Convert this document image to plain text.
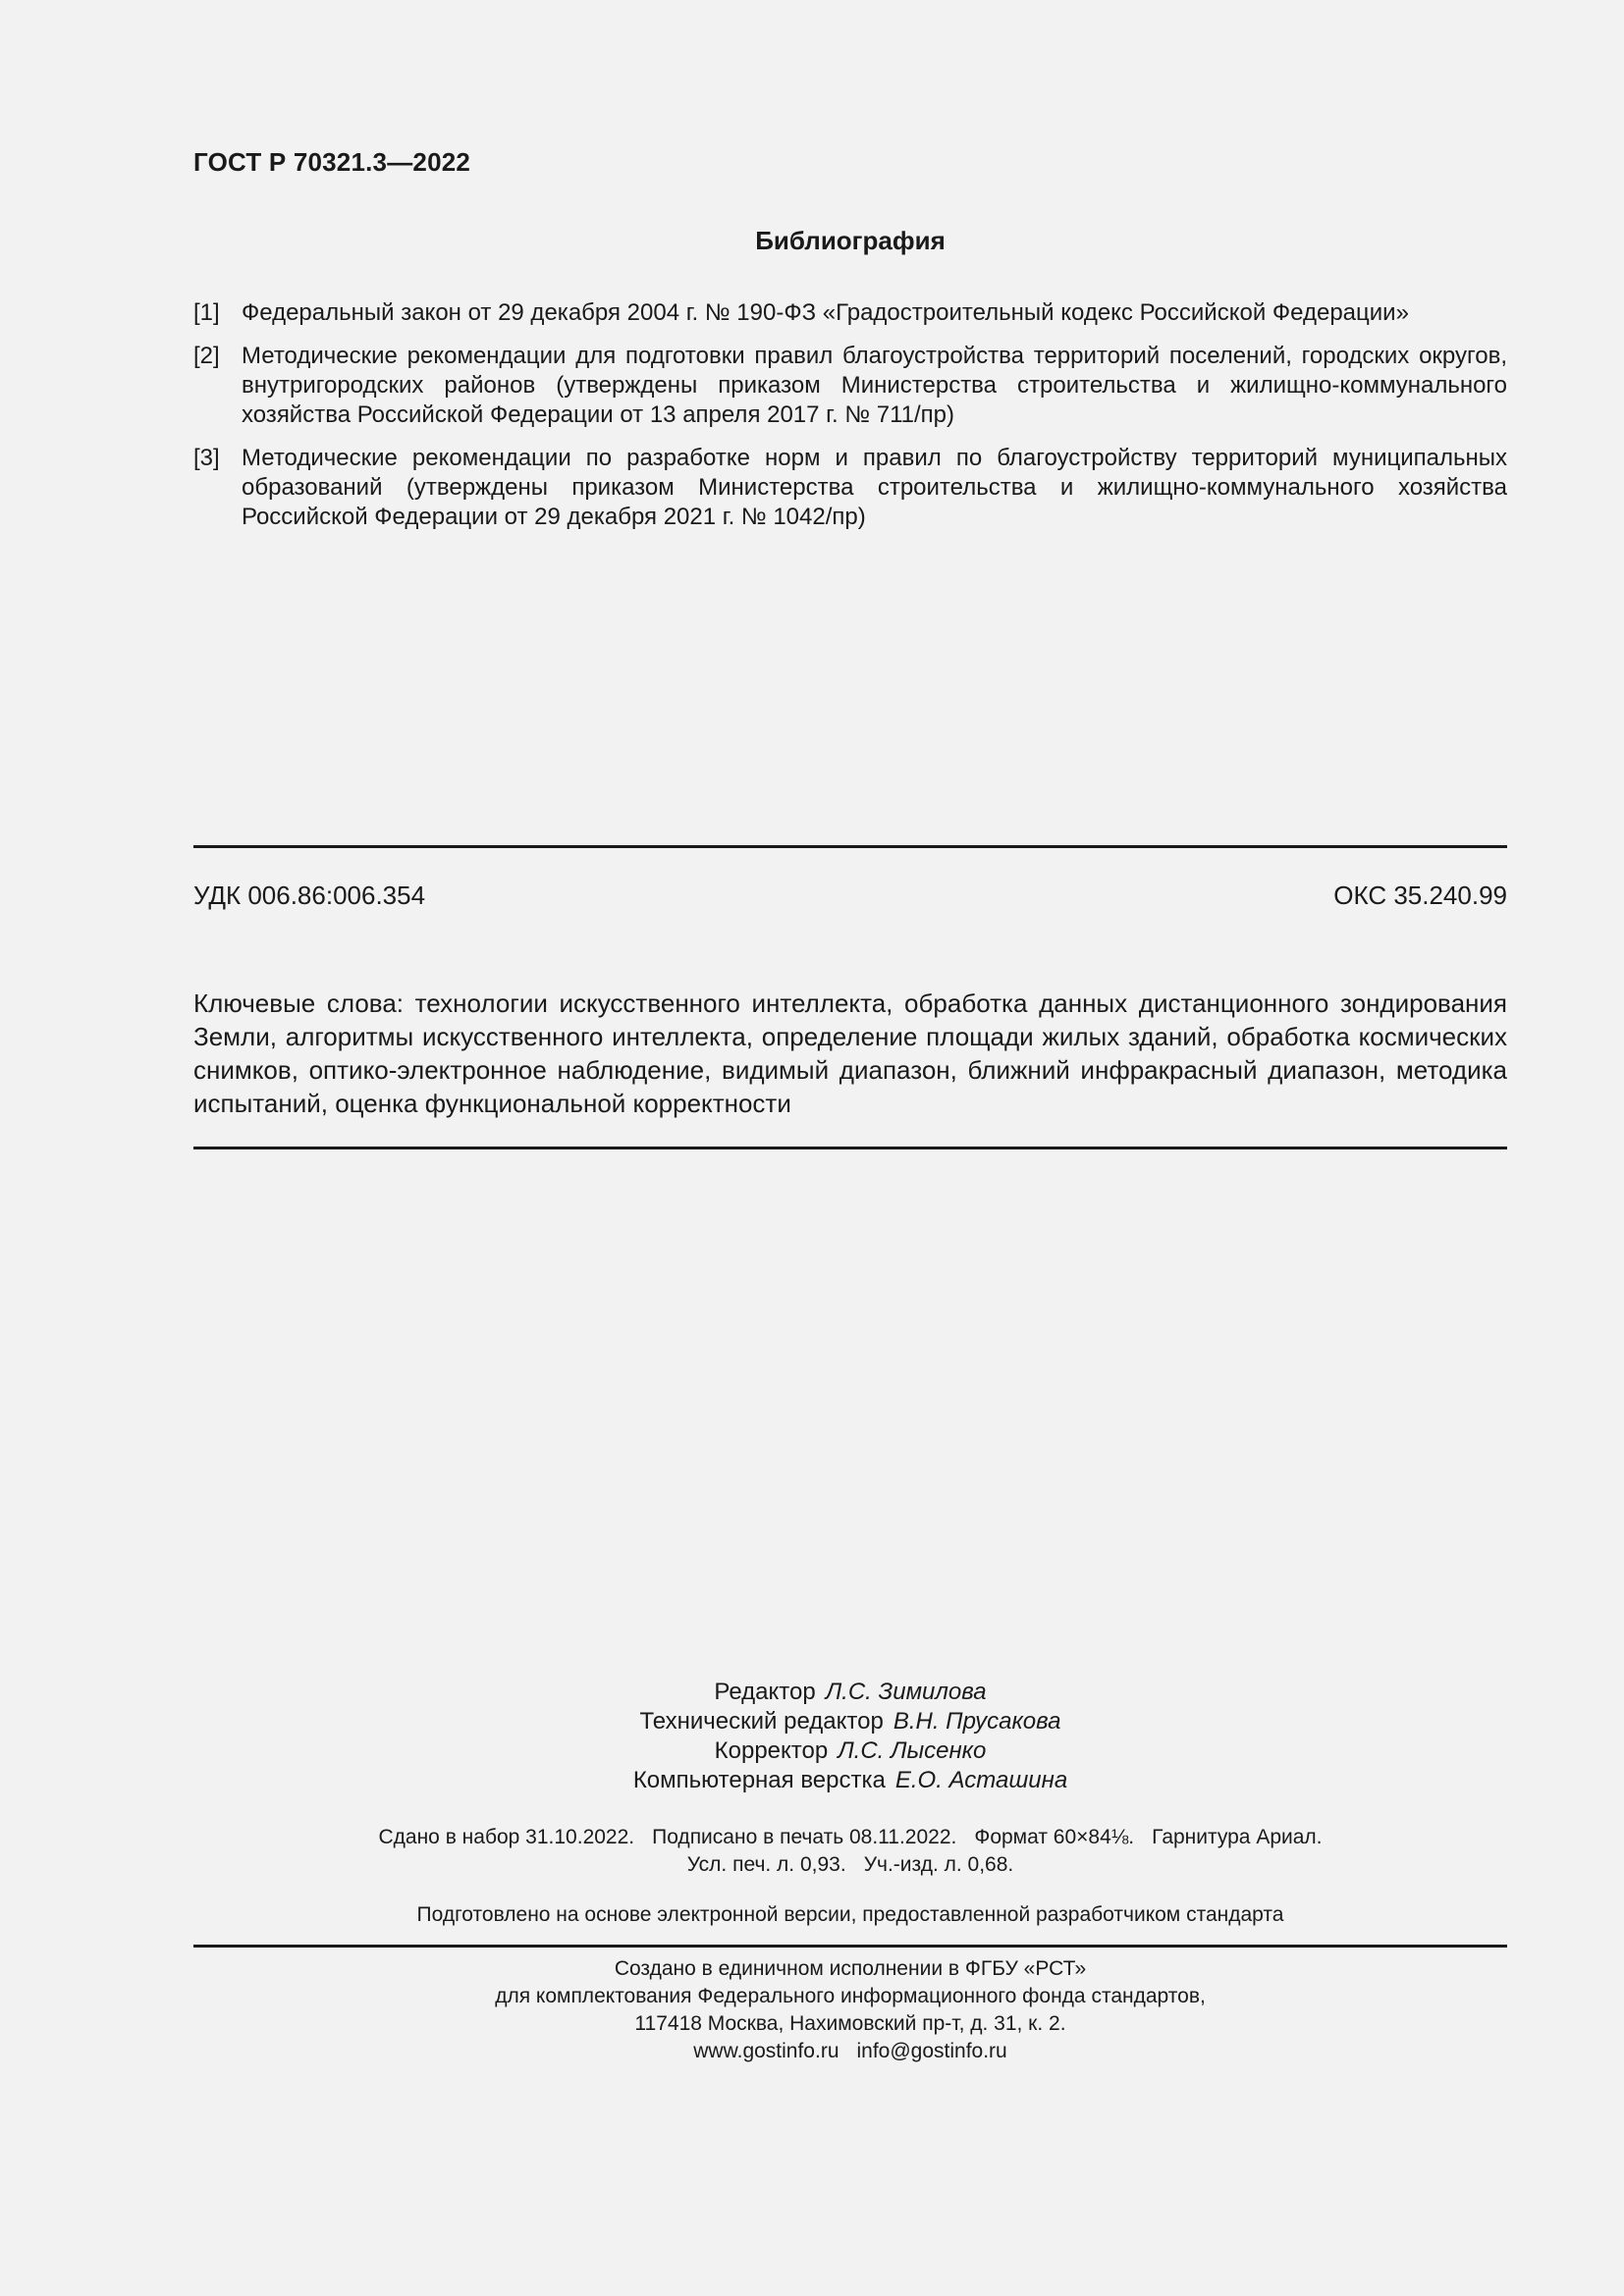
ГОСТ Р 70321.3—2022
Библиография
[1] Федеральный закон от 29 декабря 2004 г. № 190-ФЗ «Градостроительный кодекс Российской Федерации»
[2] Методические рекомендации для подготовки правил благоустройства территорий поселений, городских округов, внутригородских районов (утверждены приказом Министерства строительства и жилищно-коммунального хозяйства Российской Федерации от 13 апреля 2017 г. № 711/пр)
[3] Методические рекомендации по разработке норм и правил по благоустройству территорий муниципальных образований (утверждены приказом Министерства строительства и жилищно-коммунального хозяйства Российской Федерации от 29 декабря 2021 г. № 1042/пр)
УДК 006.86:006.354	ОКС 35.240.99
Ключевые слова: технологии искусственного интеллекта, обработка данных дистанционного зондирования Земли, алгоритмы искусственного интеллекта, определение площади жилых зданий, обработка космических снимков, оптико-электронное наблюдение, видимый диапазон, ближний инфракрасный диапазон, методика испытаний, оценка функциональной корректности
Редактор Л.С. Зимилова
Технический редактор В.Н. Прусакова
Корректор Л.С. Лысенко
Компьютерная верстка Е.О. Асташина
Сдано в набор 31.10.2022. Подписано в печать 08.11.2022. Формат 60×84⅛. Гарнитура Ариал.
Усл. печ. л. 0,93. Уч.-изд. л. 0,68.
Подготовлено на основе электронной версии, предоставленной разработчиком стандарта
Создано в единичном исполнении в ФГБУ «РСТ»
для комплектования Федерального информационного фонда стандартов,
117418 Москва, Нахимовский пр-т, д. 31, к. 2.
www.gostinfo.ru info@gostinfo.ru
